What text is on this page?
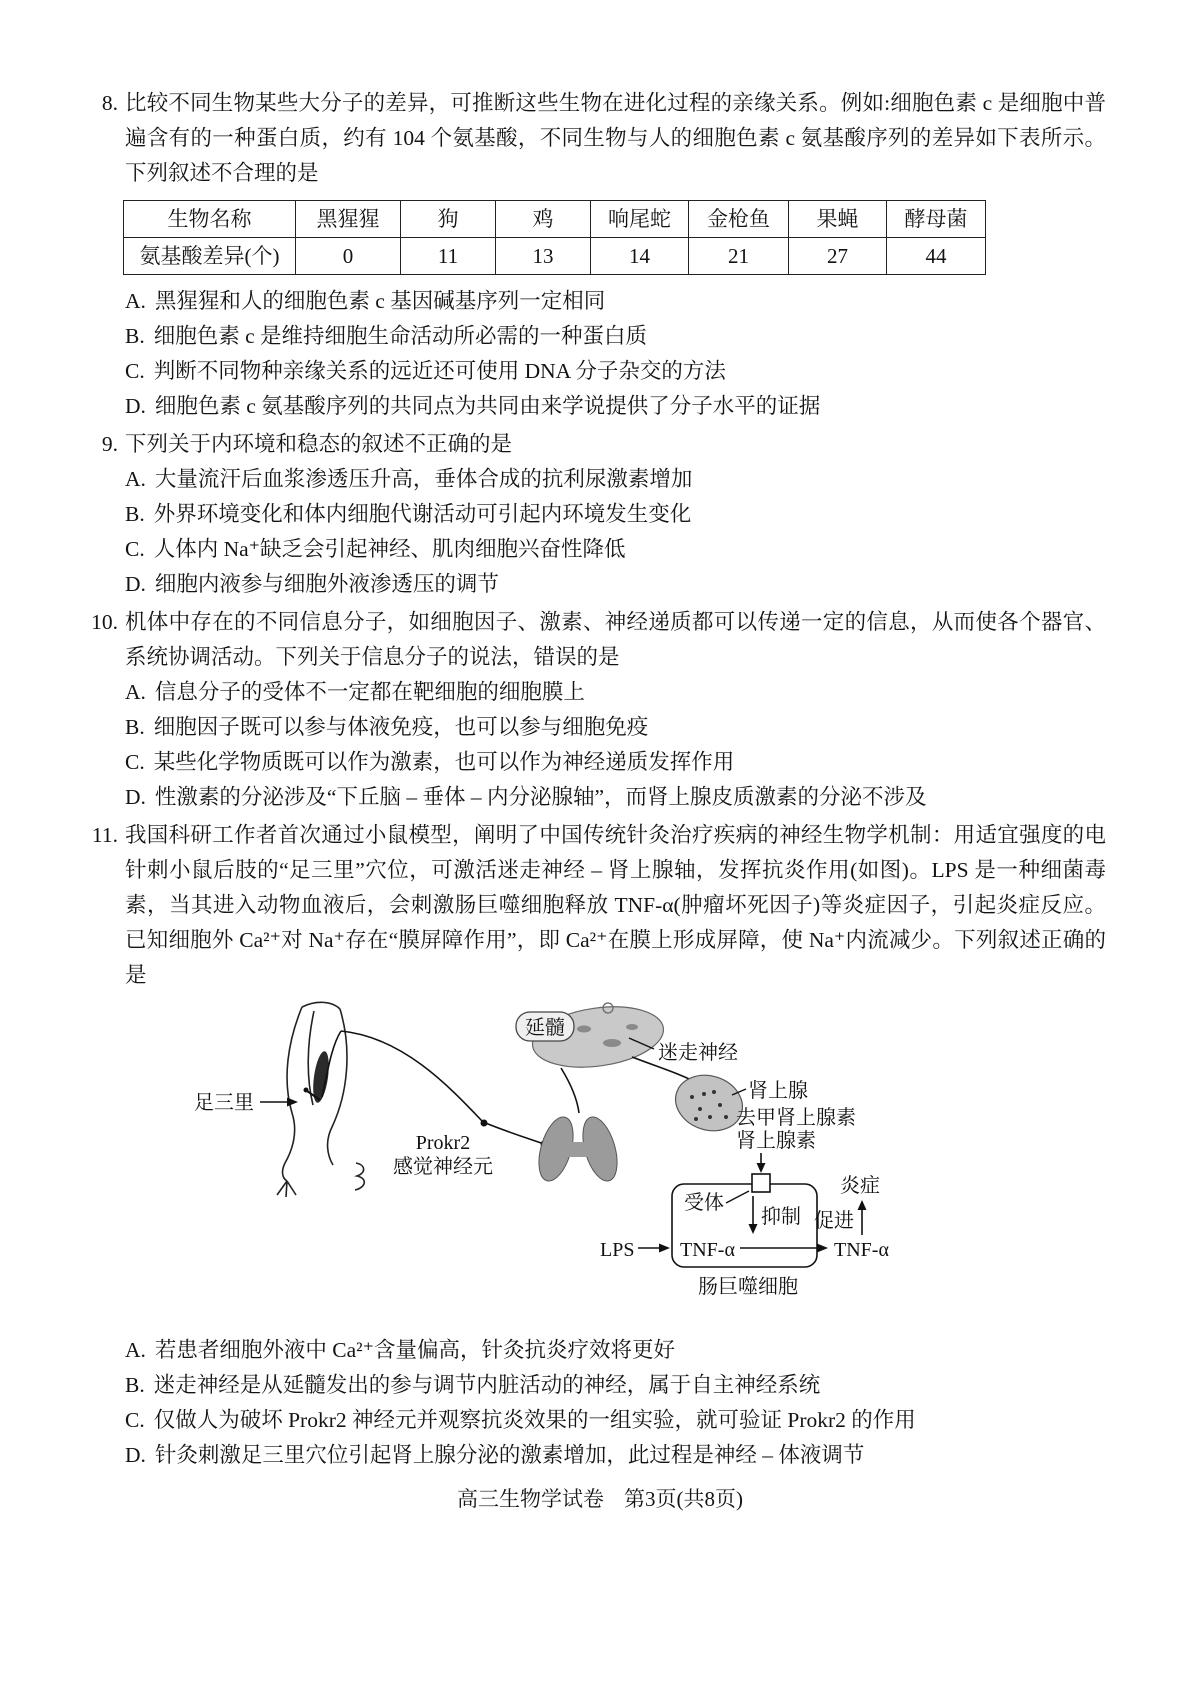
8. 比较不同生物某些大分子的差异，可推断这些生物在进化过程的亲缘关系。例如:细胞色素 c 是细胞中普遍含有的一种蛋白质，约有 104 个氨基酸，不同生物与人的细胞色素 c 氨基酸序列的差异如下表所示。下列叙述不合理的是
生物名称	黑猩猩	狗	鸡	响尾蛇	金枪鱼	果蝇	酵母菌
氨基酸差异(个)	0	11	13	14	21	27	44
A. 黑猩猩和人的细胞色素 c 基因碱基序列一定相同
B. 细胞色素 c 是维持细胞生命活动所必需的一种蛋白质
C. 判断不同物种亲缘关系的远近还可使用 DNA 分子杂交的方法
D. 细胞色素 c 氨基酸序列的共同点为共同由来学说提供了分子水平的证据
9. 下列关于内环境和稳态的叙述不正确的是
A. 大量流汗后血浆渗透压升高，垂体合成的抗利尿激素增加
B. 外界环境变化和体内细胞代谢活动可引起内环境发生变化
C. 人体内 Na⁺缺乏会引起神经、肌肉细胞兴奋性降低
D. 细胞内液参与细胞外液渗透压的调节
10. 机体中存在的不同信息分子，如细胞因子、激素、神经递质都可以传递一定的信息，从而使各个器官、系统协调活动。下列关于信息分子的说法，错误的是
A. 信息分子的受体不一定都在靶细胞的细胞膜上
B. 细胞因子既可以参与体液免疫，也可以参与细胞免疫
C. 某些化学物质既可以作为激素，也可以作为神经递质发挥作用
D. 性激素的分泌涉及“下丘脑 – 垂体 – 内分泌腺轴”，而肾上腺皮质激素的分泌不涉及
11. 我国科研工作者首次通过小鼠模型，阐明了中国传统针灸治疗疾病的神经生物学机制：用适宜强度的电针刺小鼠后肢的“足三里”穴位，可激活迷走神经 – 肾上腺轴，发挥抗炎作用(如图)。LPS 是一种细菌毒素，当其进入动物血液后，会刺激肠巨噬细胞释放 TNF-α(肿瘤坏死因子)等炎症因子，引起炎症反应。已知细胞外 Ca²⁺对 Na⁺存在“膜屏障作用”，即 Ca²⁺在膜上形成屏障，使 Na⁺内流减少。下列叙述正确的是
足三里
Prokr2
感觉神经元
延髓
迷走神经
肾上腺
去甲肾上腺素
肾上腺素
受体
抑制
TNF-α
LPS	TNF-α
促进
炎症
肠巨噬细胞
A. 若患者细胞外液中 Ca²⁺含量偏高，针灸抗炎疗效将更好
B. 迷走神经是从延髓发出的参与调节内脏活动的神经，属于自主神经系统
C. 仅做人为破坏 Prokr2 神经元并观察抗炎效果的一组实验，就可验证 Prokr2 的作用
D. 针灸刺激足三里穴位引起肾上腺分泌的激素增加，此过程是神经 – 体液调节
高三生物学试卷 第3页(共8页)
